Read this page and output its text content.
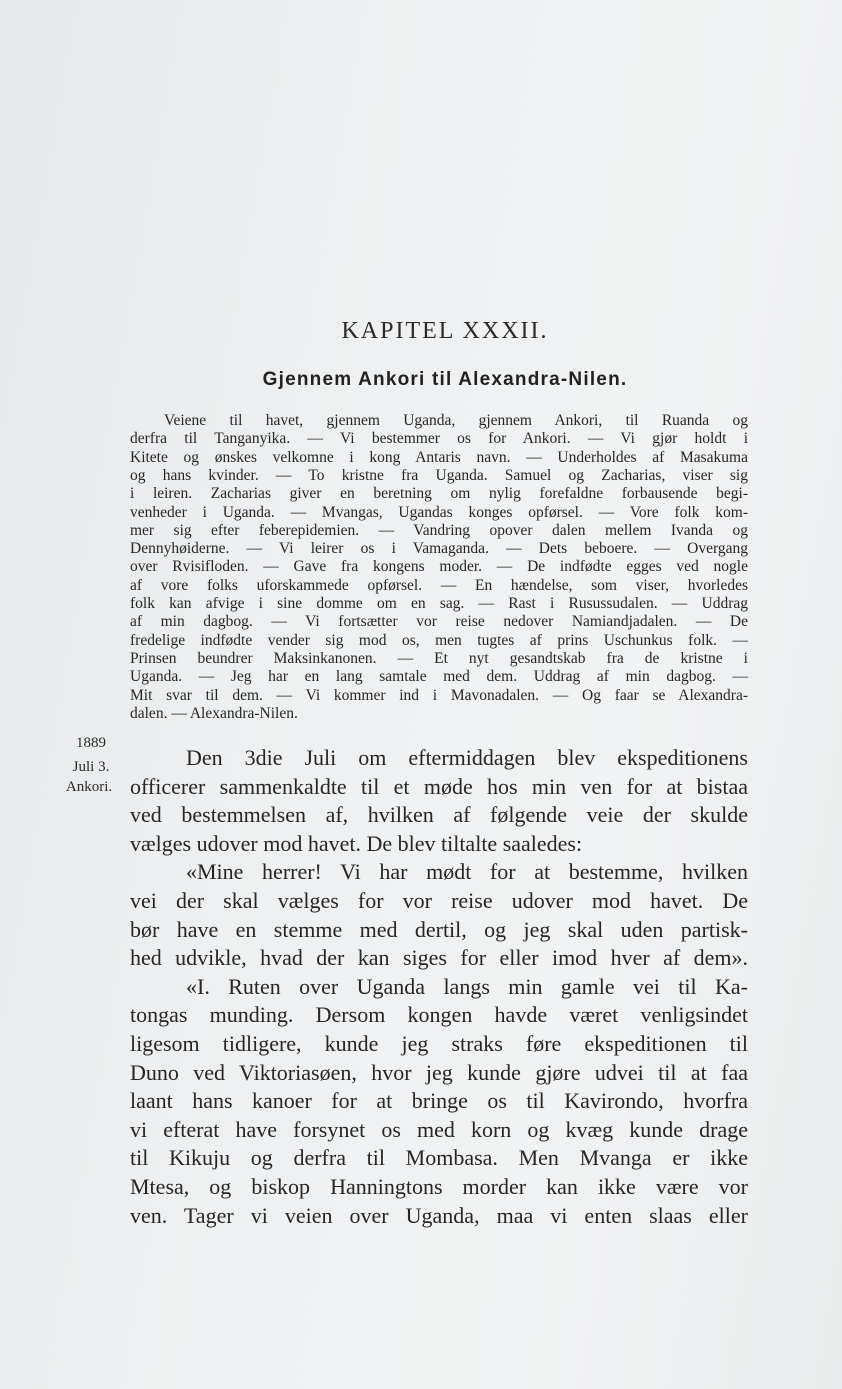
KAPITEL XXXII.
Gjennem Ankori til Alexandra-Nilen.
Veiene til havet, gjennem Uganda, gjennem Ankori, til Ruanda og
derfra til Tanganyika. — Vi bestemmer os for Ankori. — Vi gjør holdt i
Kitete og ønskes velkomne i kong Antaris navn. — Underholdes af Masakuma
og hans kvinder. — To kristne fra Uganda. Samuel og Zacharias, viser sig
i leiren. Zacharias giver en beretning om nylig forefaldne forbausende begi-
venheder i Uganda. — Mvangas, Ugandas konges opførsel. — Vore folk kom-
mer sig efter feberepidemien. — Vandring opover dalen mellem Ivanda og
Dennyhøiderne. — Vi leirer os i Vamaganda. — Dets beboere. — Overgang
over Rvisifloden. — Gave fra kongens moder. — De indfødte egges ved nogle
af vore folks uforskammede opførsel. — En hændelse, som viser, hvorledes
folk kan afvige i sine domme om en sag. — Rast i Rusussudalen. — Uddrag
af min dagbog. — Vi fortsætter vor reise nedover Namiandjadalen. — De
fredelige indfødte vender sig mod os, men tugtes af prins Uschunkus folk. —
Prinsen beundrer Maksinkanonen. — Et nyt gesandtskab fra de kristne i
Uganda. — Jeg har en lang samtale med dem. Uddrag af min dagbog. —
Mit svar til dem. — Vi kommer ind i Mavonadalen. — Og faar se Alexandra-
dalen. — Alexandra-Nilen.
1889
Juli 3.
Ankori.
Den 3die Juli om eftermiddagen blev ekspeditionens
officerer sammenkaldte til et møde hos min ven for at bistaa
ved bestemmelsen af, hvilken af følgende veie der skulde
vælges udover mod havet. De blev tiltalte saaledes:
«Mine herrer! Vi har mødt for at bestemme, hvilken
vei der skal vælges for vor reise udover mod havet. De
bør have en stemme med dertil, og jeg skal uden partisk-
hed udvikle, hvad der kan siges for eller imod hver af dem».
«I. Ruten over Uganda langs min gamle vei til Ka-
tongas munding. Dersom kongen havde været venligsindet
ligesom tidligere, kunde jeg straks føre ekspeditionen til
Duno ved Viktoriasøen, hvor jeg kunde gjøre udvei til at faa
laant hans kanoer for at bringe os til Kavirondo, hvorfra
vi efterat have forsynet os med korn og kvæg kunde drage
til Kikuju og derfra til Mombasa. Men Mvanga er ikke
Mtesa, og biskop Hanningtons morder kan ikke være vor
ven. Tager vi veien over Uganda, maa vi enten slaas eller
